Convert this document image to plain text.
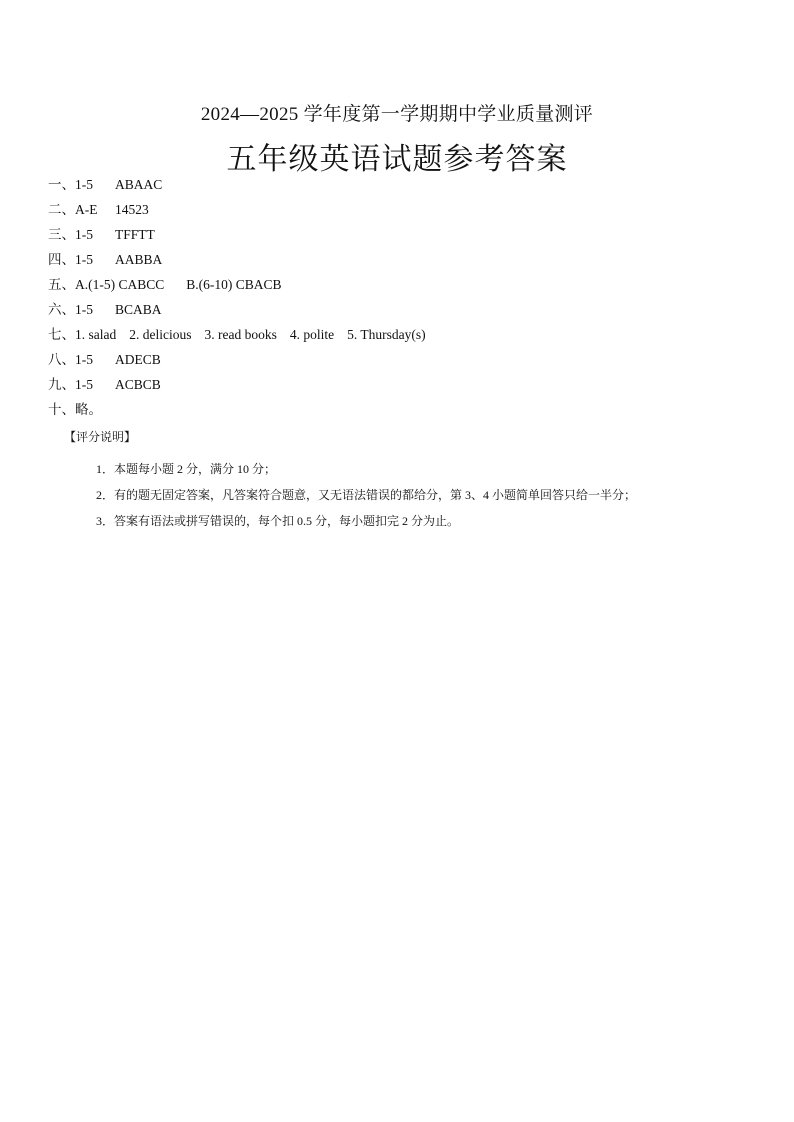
2024—2025 学年度第一学期期中学业质量测评
五年级英语试题参考答案
一、 1-5	ABAAC
二、 A-E	14523
三、 1-5	TFFTT
四、 1-5	AABBA
五、 A.(1-5) CABCC B.(6-10) CBACB
六、 1-5	BCABA
七、 1. salad 2. delicious 3. read books 4. polite 5. Thursday(s)
八、 1-5	ADECB
九、 1-5	ACBCB
十、 略。
【评分说明】
1．本题每小题 2 分，满分 10 分；
2．有的题无固定答案，凡答案符合题意，又无语法错误的都给分，第 3、4 小题简单回答只给一半分；
3．答案有语法或拼写错误的，每个扣 0.5 分，每小题扣完 2 分为止。
